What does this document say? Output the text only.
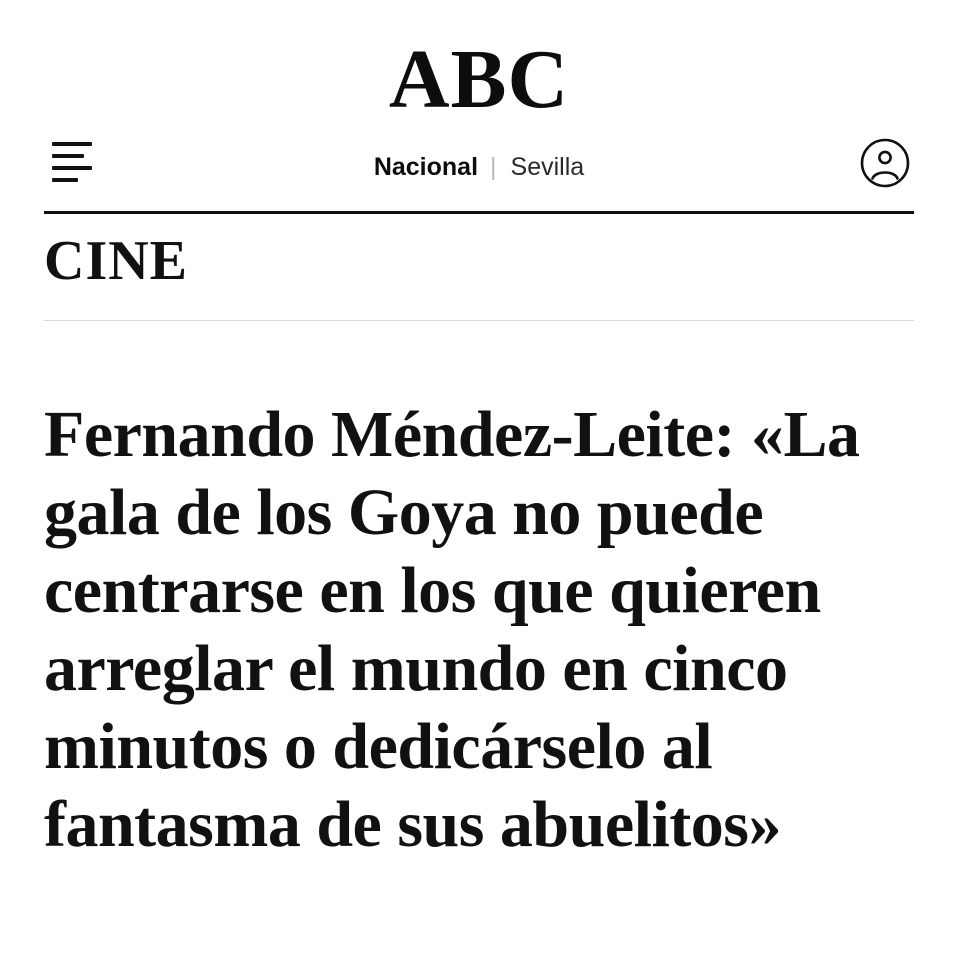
ABC
Nacional | Sevilla
CINE
Fernando Méndez-Leite: «La gala de los Goya no puede centrarse en los que quieren arreglar el mundo en cinco minutos o dedicárselo al fantasma de sus abuelitos»
